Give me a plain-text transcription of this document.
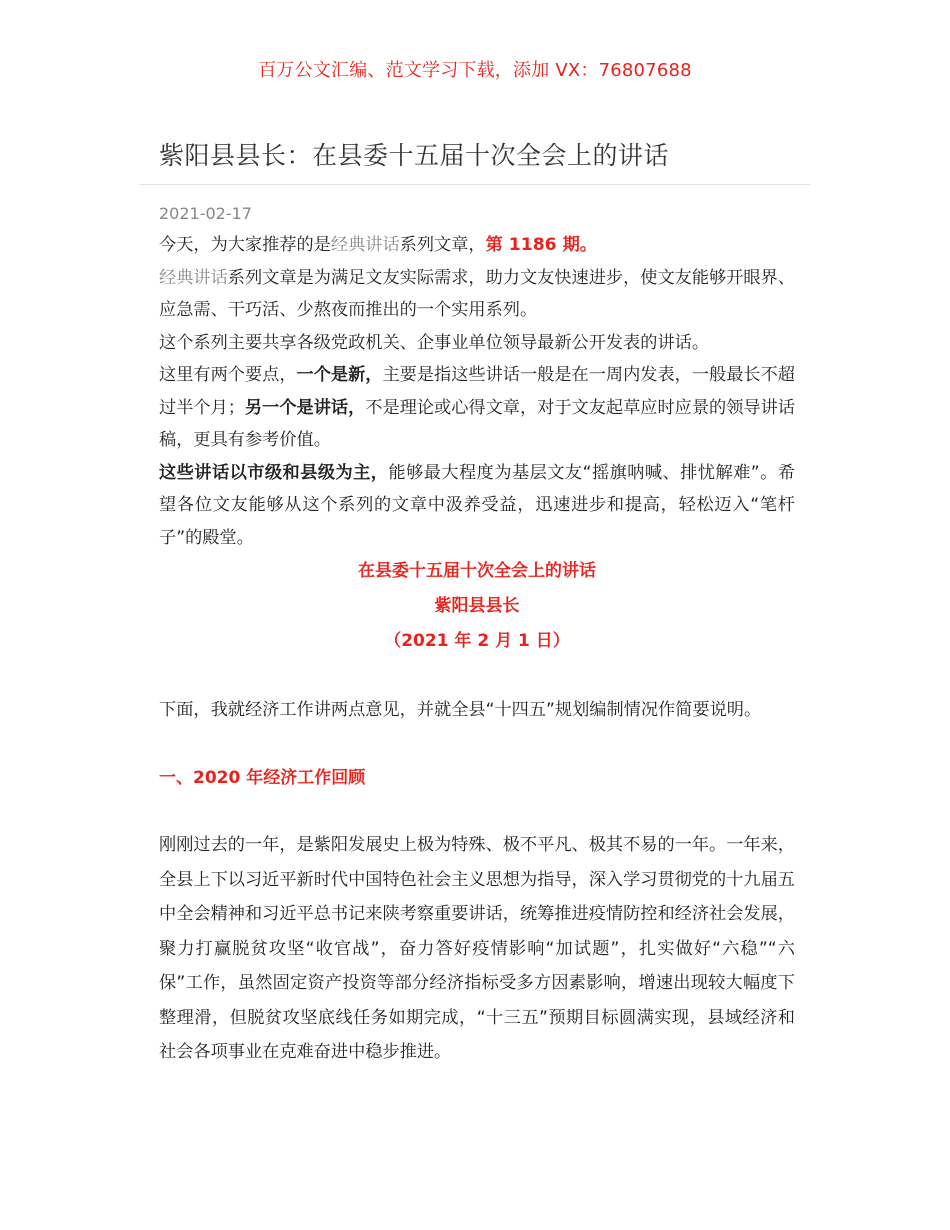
百万公文汇编、范文学习下载，添加 VX：76807688
紫阳县县长：在县委十五届十次全会上的讲话
2021-02-17

今天，为大家推荐的是经典讲话系列文章，第 1186 期。

经典讲话系列文章是为满足文友实际需求，助力文友快速进步，使文友能够开眼界、应急需、干巧活、少熬夜而推出的一个实用系列。

这个系列主要共享各级党政机关、企事业单位领导最新公开发表的讲话。

这里有两个要点，一个是新，主要是指这些讲话一般是在一周内发表，一般最长不超过半个月；另一个是讲话，不是理论或心得文章，对于文友起草应时应景的领导讲话稿，更具有参考价值。

这些讲话以市级和县级为主，能够最大程度为基层文友“摇旗呐喊、排忧解难”。希望各位文友能够从这个系列的文章中汲养受益，迅速进步和提高，轻松迈入“笔杆子”的殿堂。

在县委十五届十次全会上的讲话

紫阳县县长

（2021 年 2 月 1 日）

下面，我就经济工作讲两点意见，并就全县“十四五”规划编制情况作简要说明。

一、2020 年经济工作回顾

刚刚过去的一年，是紫阳发展史上极为特殊、极不平凡、极其不易的一年。一年来，全县上下以习近平新时代中国特色社会主义思想为指导，深入学习贯彻党的十九届五中全会精神和习近平总书记来陕考察重要讲话，统筹推进疫情防控和经济社会发展，聚力打赢脱贫攻坚“收官战”，奋力答好疫情影响“加试题”，扎实做好“六稳”“六保”工作，虽然固定资产投资等部分经济指标受多方因素影响，增速出现较大幅度下整理滑，但脱贫攻坚底线任务如期完成，“十三五”预期目标圆满实现，县域经济和社会各项事业在克难奋进中稳步推进。
